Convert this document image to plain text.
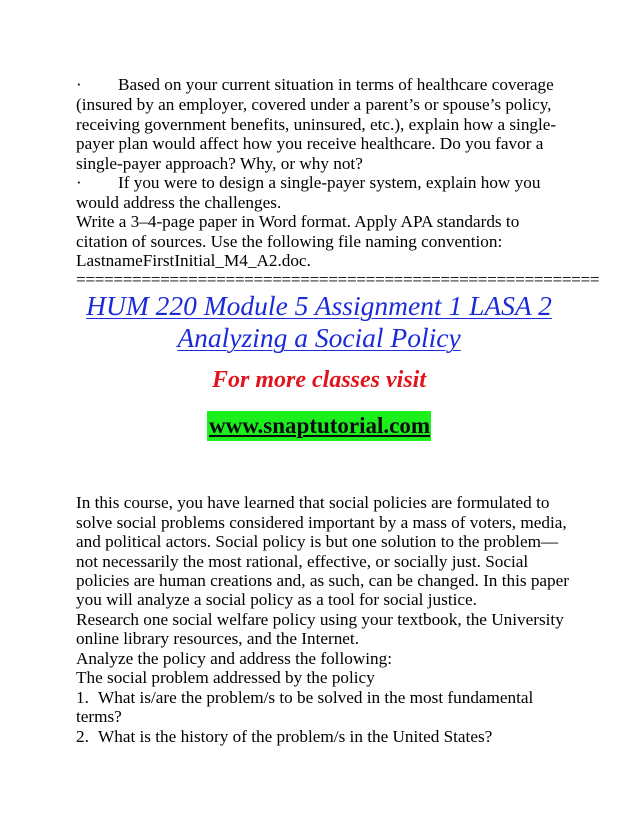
· Based on your current situation in terms of healthcare coverage
(insured by an employer, covered under a parent’s or spouse’s policy,
receiving government benefits, uninsured, etc.), explain how a single-
payer plan would affect how you receive healthcare. Do you favor a
single-payer approach? Why, or why not?
· If you were to design a single-payer system, explain how you
would address the challenges.
Write a 3–4-page paper in Word format. Apply APA standards to
citation of sources. Use the following file naming convention:
LastnameFirstInitial_M4_A2.doc.
========================================================
HUM 220 Module 5 Assignment 1 LASA 2
Analyzing a Social Policy
For more classes visit
www.snaptutorial.com
In this course, you have learned that social policies are formulated to
solve social problems considered important by a mass of voters, media,
and political actors. Social policy is but one solution to the problem—
not necessarily the most rational, effective, or socially just. Social
policies are human creations and, as such, can be changed. In this paper
you will analyze a social policy as a tool for social justice.
Research one social welfare policy using your textbook, the University
online library resources, and the Internet.
Analyze the policy and address the following:
The social problem addressed by the policy
1. What is/are the problem/s to be solved in the most fundamental
terms?
2. What is the history of the problem/s in the United States?
